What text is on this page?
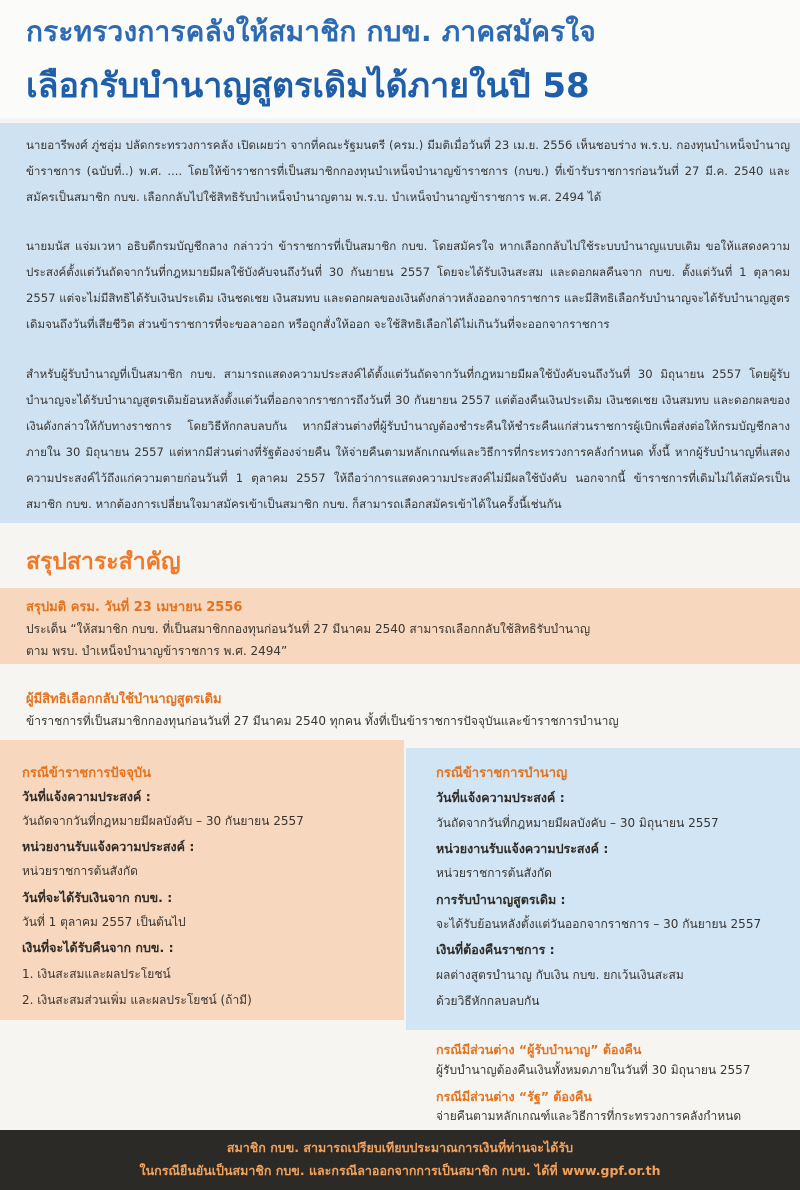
กระทรวงการคลังให้สมาชิก กบข. ภาคสมัครใจ
เลือกรับบำนาญสูตรเดิมได้ภายในปี 58
นายอารีพงศ์ ภู่ชอุ่ม ปลัดกระทรวงการคลัง เปิดเผยว่า จากที่คณะรัฐมนตรี (ครม.) มีมติเมื่อวันที่ 23 เม.ย. 2556 เห็นชอบร่าง พ.ร.บ. กองทุนบำเหน็จบำนาญข้าราชการ (ฉบับที่..) พ.ศ. .... โดยให้ข้าราชการที่เป็นสมาชิกกองทุนบำเหน็จบำนาญข้าราชการ (กบข.) ที่เข้ารับราชการก่อนวันที่ 27 มี.ค. 2540 และสมัครเป็นสมาชิก กบข. เลือกกลับไปใช้สิทธิรับบำเหน็จบำนาญตาม พ.ร.บ. บำเหน็จบำนาญข้าราชการ พ.ศ. 2494 ได้
นายมนัส แจ่มเวหา อธิบดีกรมบัญชีกลาง กล่าวว่า ข้าราชการที่เป็นสมาชิก กบข. โดยสมัครใจ หากเลือกกลับไปใช้ระบบบำนาญแบบเดิม ขอให้แสดงความประสงค์ตั้งแต่วันถัดจากวันที่กฎหมายมีผลใช้บังคับจนถึงวันที่ 30 กันยายน 2557 โดยจะได้รับเงินสะสม และดอกผลคืนจาก กบข. ตั้งแต่วันที่ 1 ตุลาคม 2557 แต่จะไม่มีสิทธิได้รับเงินประเดิม เงินชดเชย เงินสมทบ และดอกผลของเงินดังกล่าวหลังออกจากราชการ และมีสิทธิเลือกรับบำนาญจะได้รับบำนาญสูตรเดิมจนถึงวันที่เสียชีวิต ส่วนข้าราชการที่จะขอลาออก หรือถูกสั่งให้ออก จะใช้สิทธิเลือกได้ไม่เกินวันที่จะออกจากราชการ
สำหรับผู้รับบำนาญที่เป็นสมาชิก กบข. สามารถแสดงความประสงค์ได้ตั้งแต่วันถัดจากวันที่กฎหมายมีผลใช้บังคับจนถึงวันที่ 30 มิถุนายน 2557 โดยผู้รับบำนาญจะได้รับบำนาญสูตรเดิมย้อนหลังตั้งแต่วันที่ออกจากราชการถึงวันที่ 30 กันยายน 2557 แต่ต้องคืนเงินประเดิม เงินชดเชย เงินสมทบ และดอกผลของเงินดังกล่าวให้กับทางราชการ โดยวิธีหักกลบลบกัน หากมีส่วนต่างที่ผู้รับบำนาญต้องชำระคืนให้ชำระคืนแก่ส่วนราชการผู้เบิกเพื่อส่งต่อให้กรมบัญชีกลางภายใน 30 มิถุนายน 2557 แต่หากมีส่วนต่างที่รัฐต้องจ่ายคืน ให้จ่ายคืนตามหลักเกณฑ์และวิธีการที่กระทรวงการคลังกำหนด ทั้งนี้ หากผู้รับบำนาญที่แสดงความประสงค์ไว้ถึงแก่ความตายก่อนวันที่ 1 ตุลาคม 2557 ให้ถือว่าการแสดงความประสงค์ไม่มีผลใช้บังคับ นอกจากนี้ ข้าราชการที่เดิมไม่ได้สมัครเป็นสมาชิก กบข. หากต้องการเปลี่ยนใจมาสมัครเข้าเป็นสมาชิก กบข. ก็สามารถเลือกสมัครเข้าได้ในครั้งนี้เช่นกัน
สรุปสาระสำคัญ
สรุปมติ ครม. วันที่ 23 เมษายน 2556
ประเด็น “ให้สมาชิก กบข. ที่เป็นสมาชิกกองทุนก่อนวันที่ 27 มีนาคม 2540 สามารถเลือกกลับใช้สิทธิรับบำนาญ
ตาม พรบ. บำเหน็จบำนาญข้าราชการ พ.ศ. 2494”
ผู้มีสิทธิเลือกกลับใช้บำนาญสูตรเดิม
ข้าราชการที่เป็นสมาชิกกองทุนก่อนวันที่ 27 มีนาคม 2540 ทุกคน ทั้งที่เป็นข้าราชการปัจจุบันและข้าราชการบำนาญ
กรณีข้าราชการปัจจุบัน
วันที่แจ้งความประสงค์ :
วันถัดจากวันที่กฎหมายมีผลบังคับ – 30 กันยายน 2557
หน่วยงานรับแจ้งความประสงค์ :
หน่วยราชการต้นสังกัด
วันที่จะได้รับเงินจาก กบข. :
วันที่ 1 ตุลาคม 2557 เป็นต้นไป
เงินที่จะได้รับคืนจาก กบข. :
1. เงินสะสมและผลประโยชน์
2. เงินสะสมส่วนเพิ่ม และผลประโยชน์ (ถ้ามี)
กรณีข้าราชการบำนาญ
วันที่แจ้งความประสงค์ :
วันถัดจากวันที่กฎหมายมีผลบังคับ – 30 มิถุนายน 2557
หน่วยงานรับแจ้งความประสงค์ :
หน่วยราชการต้นสังกัด
การรับบำนาญสูตรเดิม :
จะได้รับย้อนหลังตั้งแต่วันออกจากราชการ – 30 กันยายน 2557
เงินที่ต้องคืนราชการ :
ผลต่างสูตรบำนาญ กับเงิน กบข. ยกเว้นเงินสะสม
ด้วยวิธีหักกลบลบกัน
กรณีมีส่วนต่าง “ผู้รับบำนาญ” ต้องคืน
ผู้รับบำนาญต้องคืนเงินทั้งหมดภายในวันที่ 30 มิถุนายน 2557
กรณีมีส่วนต่าง “รัฐ” ต้องคืน
จ่ายคืนตามหลักเกณฑ์และวิธีการที่กระทรวงการคลังกำหนด
สมาชิก กบข. สามารถเปรียบเทียบประมาณการเงินที่ท่านจะได้รับ
ในกรณียืนยันเป็นสมาชิก กบข. และกรณีลาออกจากการเป็นสมาชิก กบข. ได้ที่ www.gpf.or.th
